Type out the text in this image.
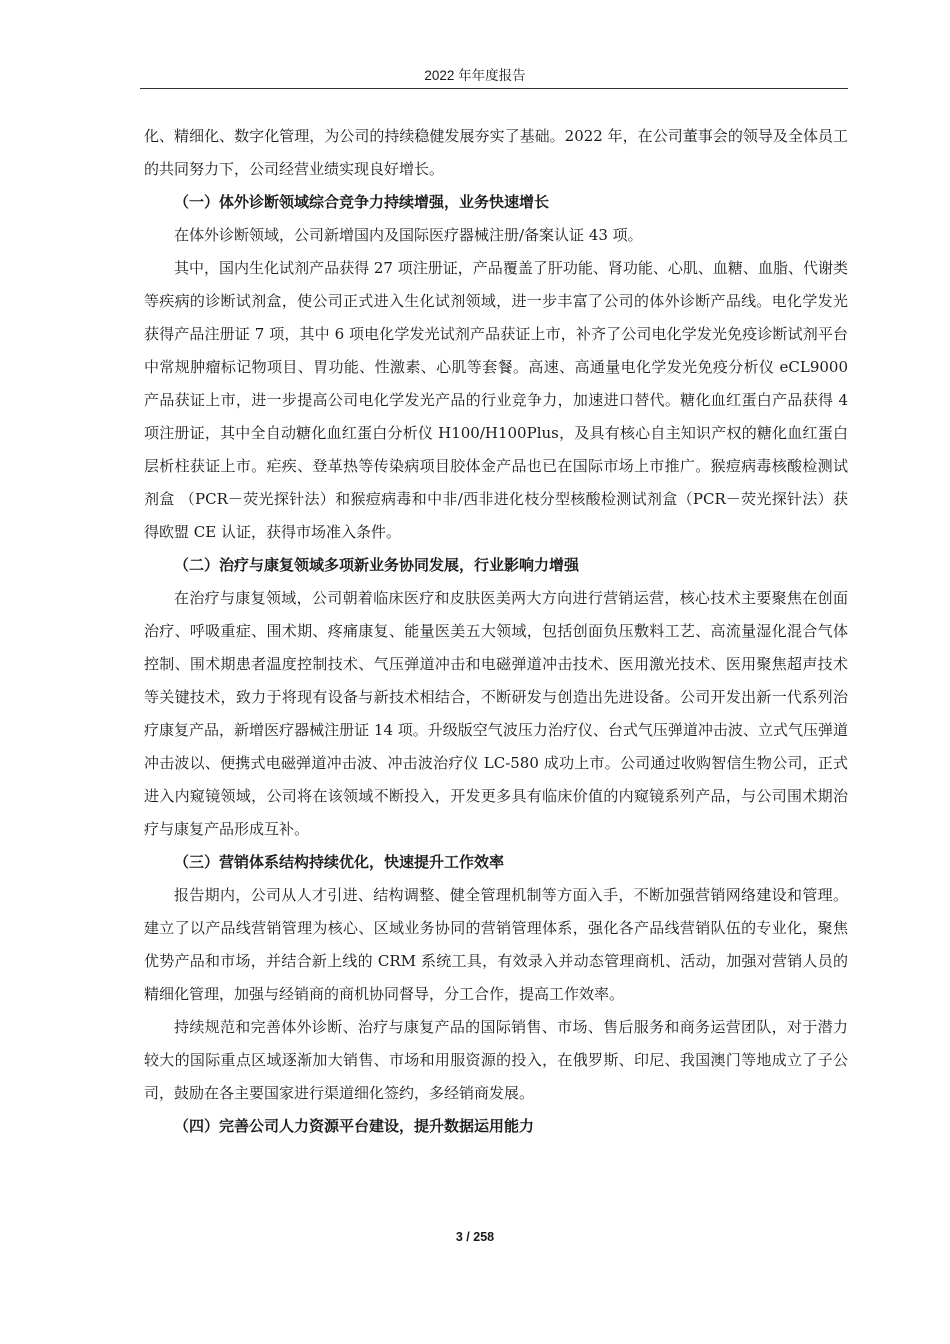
2022 年年度报告

化、精细化、数字化管理，为公司的持续稳健发展夯实了基础。2022 年，在公司董事会的领导及全体员工的共同努力下，公司经营业绩实现良好增长。

（一）体外诊断领域综合竞争力持续增强，业务快速增长

在体外诊断领域，公司新增国内及国际医疗器械注册/备案认证 43 项。

其中，国内生化试剂产品获得 27 项注册证，产品覆盖了肝功能、肾功能、心肌、血糖、血脂、代谢类等疾病的诊断试剂盒，使公司正式进入生化试剂领域，进一步丰富了公司的体外诊断产品线。电化学发光获得产品注册证 7 项，其中 6 项电化学发光试剂产品获证上市，补齐了公司电化学发光免疫诊断试剂平台中常规肿瘤标记物项目、胃功能、性激素、心肌等套餐。高速、高通量电化学发光免疫分析仪 eCL9000 产品获证上市，进一步提高公司电化学发光产品的行业竞争力，加速进口替代。糖化血红蛋白产品获得 4 项注册证，其中全自动糖化血红蛋白分析仪 H100/H100Plus，及具有核心自主知识产权的糖化血红蛋白层析柱获证上市。疟疾、登革热等传染病项目胶体金产品也已在国际市场上市推广。猴痘病毒核酸检测试剂盒 （PCR－荧光探针法）和猴痘病毒和中非/西非进化枝分型核酸检测试剂盒（PCR－荧光探针法）获得欧盟 CE 认证，获得市场准入条件。

（二）治疗与康复领域多项新业务协同发展，行业影响力增强

在治疗与康复领域，公司朝着临床医疗和皮肤医美两大方向进行营销运营，核心技术主要聚焦在创面治疗、呼吸重症、围术期、疼痛康复、能量医美五大领域，包括创面负压敷料工艺、高流量湿化混合气体控制、围术期患者温度控制技术、气压弹道冲击和电磁弹道冲击技术、医用激光技术、医用聚焦超声技术等关键技术，致力于将现有设备与新技术相结合，不断研发与创造出先进设备。公司开发出新一代系列治疗康复产品，新增医疗器械注册证 14 项。升级版空气波压力治疗仪、台式气压弹道冲击波、立式气压弹道冲击波以、便携式电磁弹道冲击波、冲击波治疗仪 LC-580 成功上市。公司通过收购智信生物公司，正式进入内窥镜领域，公司将在该领域不断投入，开发更多具有临床价值的内窥镜系列产品，与公司围术期治疗与康复产品形成互补。

（三）营销体系结构持续优化，快速提升工作效率

报告期内，公司从人才引进、结构调整、健全管理机制等方面入手，不断加强营销网络建设和管理。建立了以产品线营销管理为核心、区域业务协同的营销管理体系，强化各产品线营销队伍的专业化，聚焦优势产品和市场，并结合新上线的 CRM 系统工具，有效录入并动态管理商机、活动，加强对营销人员的精细化管理，加强与经销商的商机协同督导，分工合作，提高工作效率。

持续规范和完善体外诊断、治疗与康复产品的国际销售、市场、售后服务和商务运营团队，对于潜力较大的国际重点区域逐渐加大销售、市场和用服资源的投入，在俄罗斯、印尼、我国澳门等地成立了子公司，鼓励在各主要国家进行渠道细化签约，多经销商发展。

（四）完善公司人力资源平台建设，提升数据运用能力

3 / 258
